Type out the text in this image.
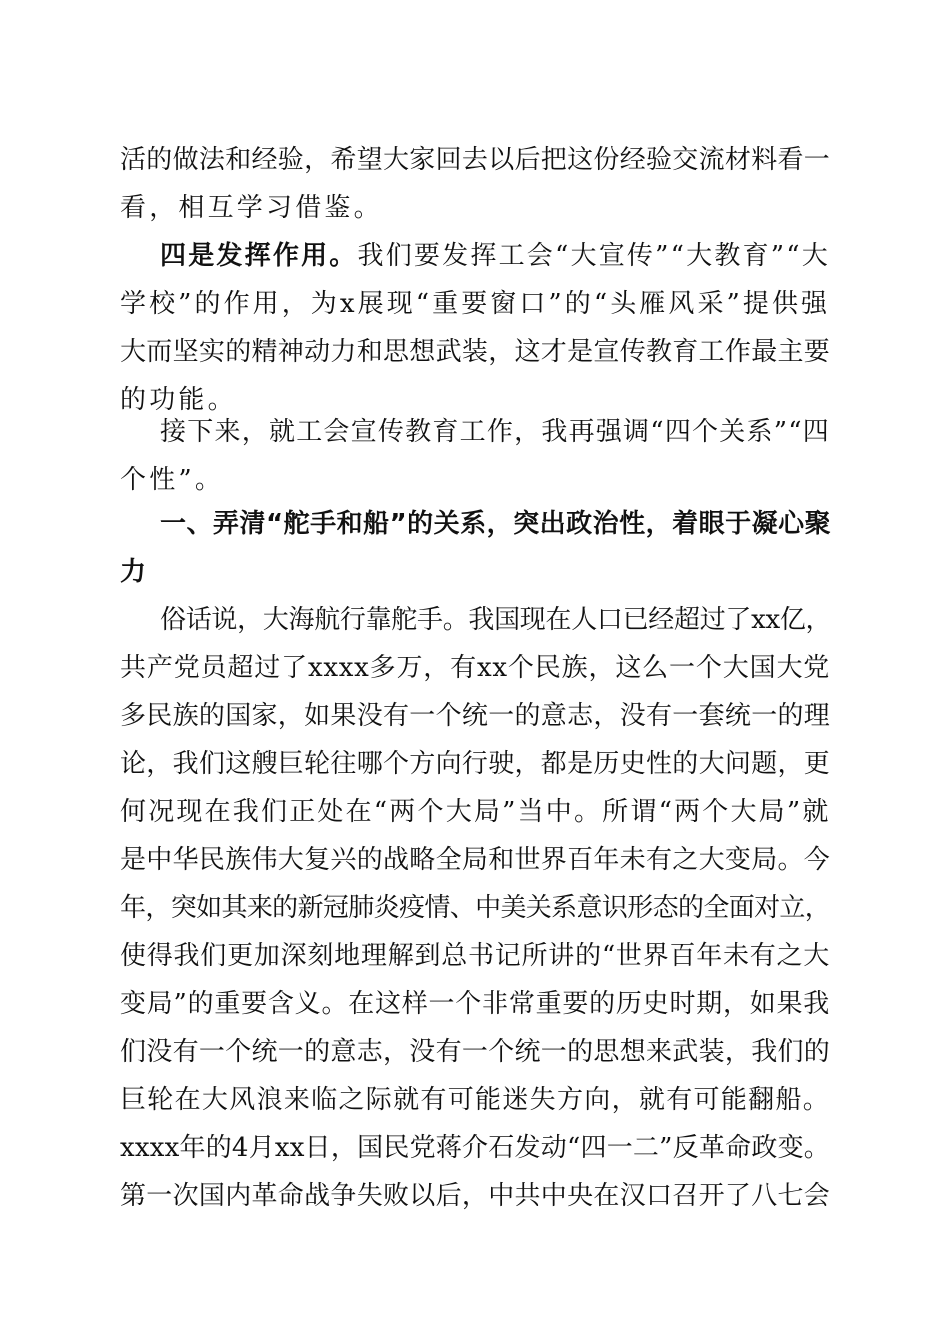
活的做法和经验，希望大家回去以后把这份经验交流材料看一
看，相互学习借鉴。
四是发挥作用。我们要发挥工会“大宣传”“大教育”“大
学校”的作用，为x展现“重要窗口”的“头雁风采”提供强
大而坚实的精神动力和思想武装，这才是宣传教育工作最主要
的功能。
接下来，就工会宣传教育工作，我再强调“四个关系”“四
个性”。
一、弄清“舵手和船”的关系，突出政治性，着眼于凝心聚
力
俗话说，大海航行靠舵手。我国现在人口已经超过了xx亿，
共产党员超过了xxxx多万，有xx个民族，这么一个大国大党
多民族的国家，如果没有一个统一的意志，没有一套统一的理
论，我们这艘巨轮往哪个方向行驶，都是历史性的大问题，更
何况现在我们正处在“两个大局”当中。所谓“两个大局”就
是中华民族伟大复兴的战略全局和世界百年未有之大变局。今
年，突如其来的新冠肺炎疫情、中美关系意识形态的全面对立，
使得我们更加深刻地理解到总书记所讲的“世界百年未有之大
变局”的重要含义。在这样一个非常重要的历史时期，如果我
们没有一个统一的意志，没有一个统一的思想来武装，我们的
巨轮在大风浪来临之际就有可能迷失方向，就有可能翻船。
xxxx年的4月xx日，国民党蒋介石发动“四一二”反革命政变。
第一次国内革命战争失败以后，中共中央在汉口召开了八七会
